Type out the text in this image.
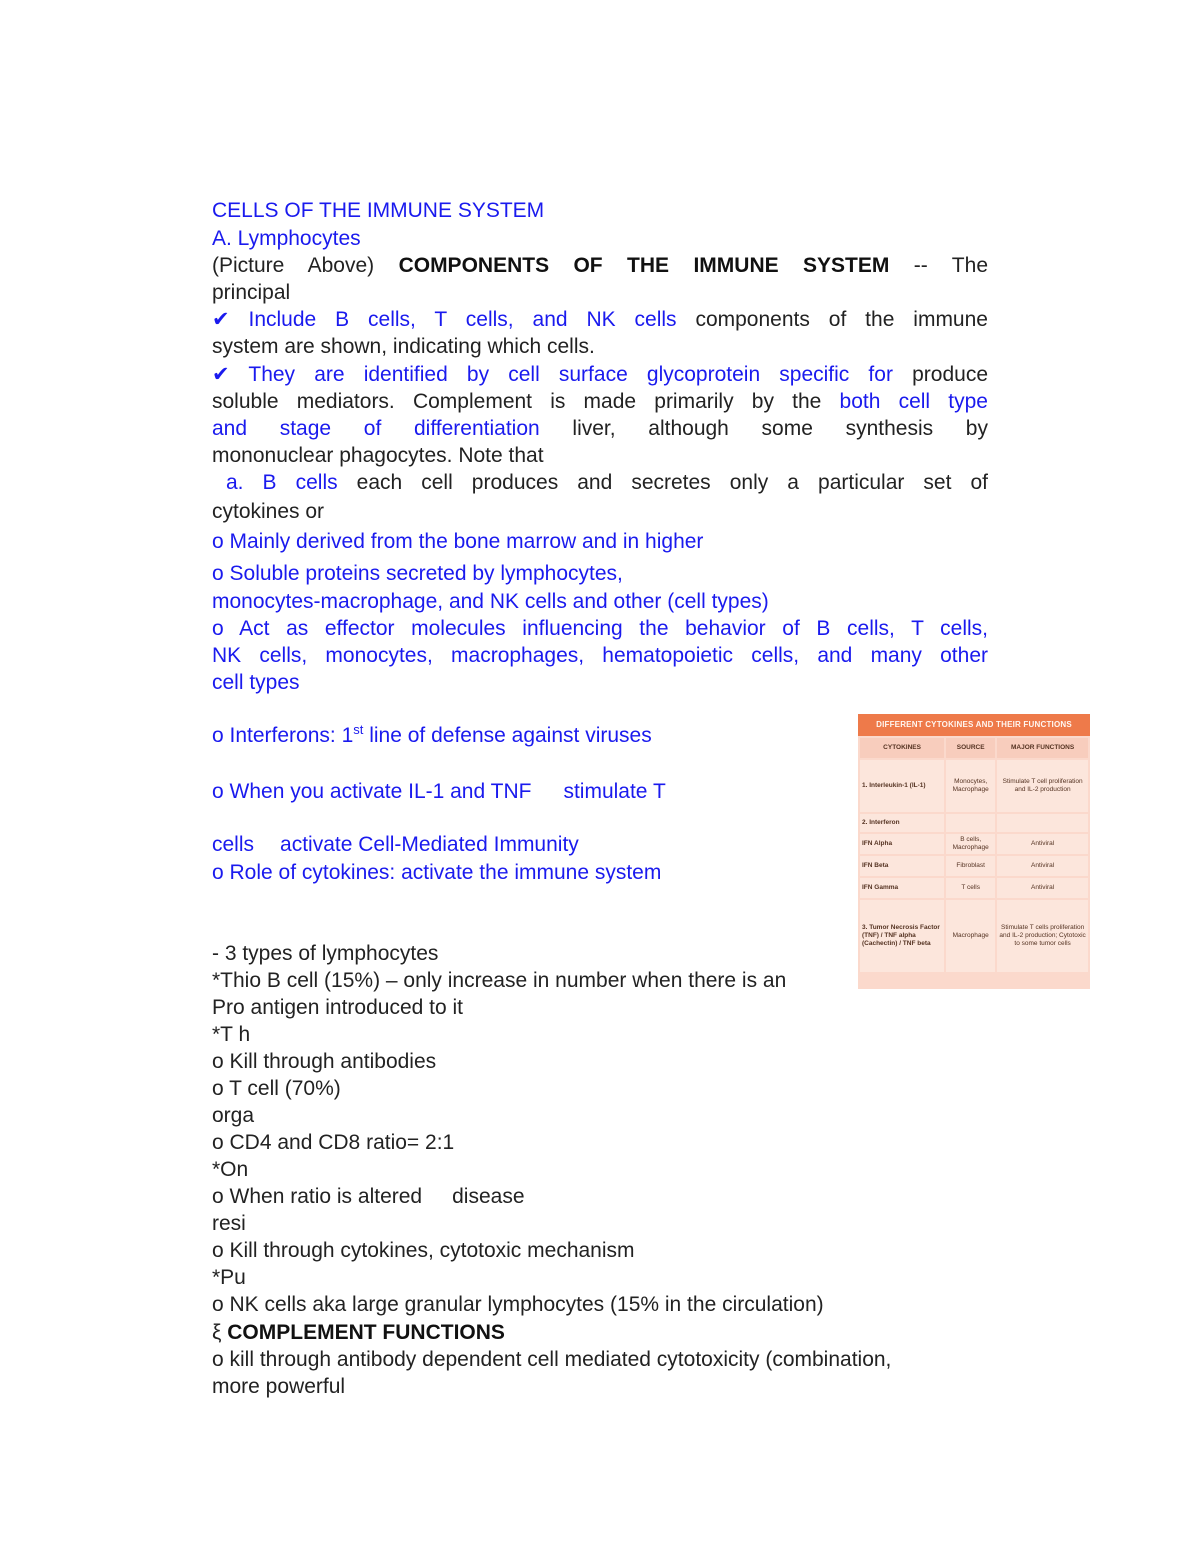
CELLS OF THE IMMUNE SYSTEM
A. Lymphocytes
(Picture Above) COMPONENTS OF THE IMMUNE SYSTEM -- The
principal
✔ Include B cells, T cells, and NK cells components of the immune
system are shown, indicating which cells.
✔ They are identified by cell surface glycoprotein specific for produce
soluble mediators. Complement is made primarily by the both cell type
and stage of differentiation liver, although some synthesis by
mononuclear phagocytes. Note that
a. B cells each cell produces and secretes only a particular set of
cytokines or
o Mainly derived from the bone marrow and in higher
o Soluble proteins secreted by lymphocytes,
monocytes-macrophage, and NK cells and other (cell types)
o Act as effector molecules influencing the behavior of B cells, T cells,
NK cells, monocytes, macrophages, hematopoietic cells, and many other
cell types
o Interferons: 1st line of defense against viruses
o When you activate IL-1 and TNF stimulate T
cells activate Cell-Mediated Immunity
o Role of cytokines: activate the immune system
- 3 types of lymphocytes
*Thio B cell (15%) – only increase in number when there is an
Pro antigen introduced to it
*T h
o Kill through antibodies
o T cell (70%)
orga
o CD4 and CD8 ratio= 2:1
*On
o When ratio is altered disease
resi
o Kill through cytokines, cytotoxic mechanism
*Pu
o NK cells aka large granular lymphocytes (15% in the circulation)
ξ COMPLEMENT FUNCTIONS
o kill through antibody dependent cell mediated cytotoxicity (combination,
more powerful
DIFFERENT CYTOKINES AND THEIR FUNCTIONS
CYTOKINES	SOURCE	MAJOR FUNCTIONS
1. Interleukin-1 (IL-1)	Monocytes, Macrophage	Stimulate T cell proliferation and IL-2 production
2. Interferon		
IFN Alpha	B cells, Macrophage	Antiviral
IFN Beta	Fibroblast	Antiviral
IFN Gamma	T cells	Antiviral
3. Tumor Necrosis Factor (TNF) / TNF alpha (Cachectin) / TNF beta	Macrophage	Stimulate T cells proliferation and IL-2 production; Cytotoxic to some tumor cells
